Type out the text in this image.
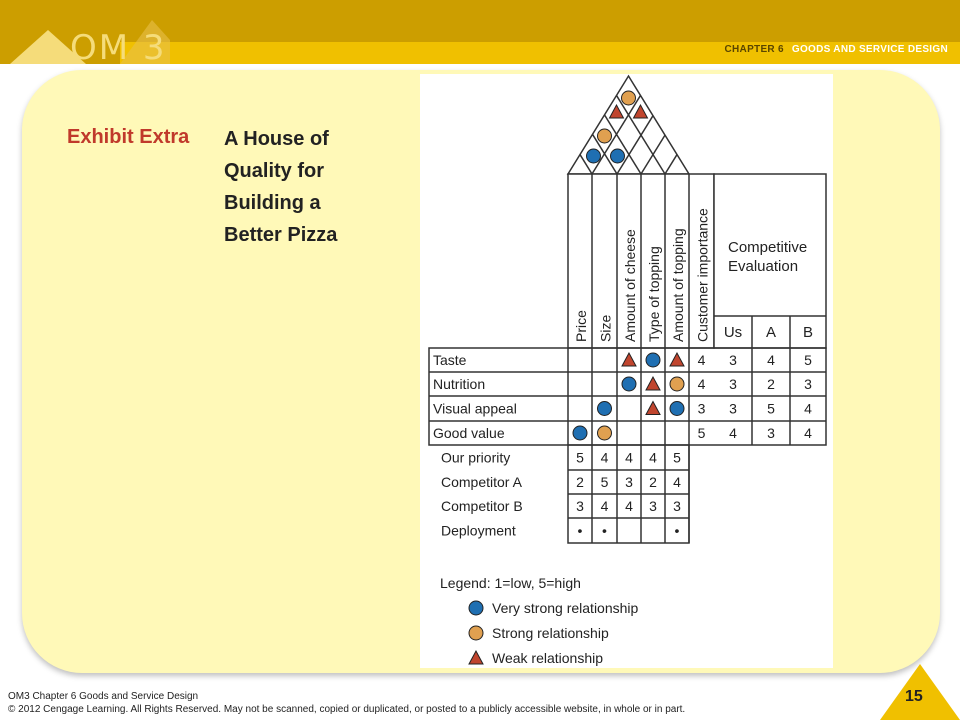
OM 3	CHAPTER 6 GOODS AND SERVICE DESIGN
Exhibit Extra A House of
Quality for
Building a
Better Pizza
Price Size Amount of cheese Type of topping Amount of topping Customer importance Competitive
Evaluation
Us A B
Taste	4 3 4 5
Nutrition	4 3 2 3
Visual appeal	3 3 5 4
Good value	5 4 3 4
Our priority	5 4 4 4 5
Competitor A	2 5 3 2 4
Competitor B	3 4 4 3 3
Deployment	• •	•
Legend: 1=low, 5=high
Very strong relationship
Strong relationship
Weak relationship
OM3 Chapter 6 Goods and Service Design
© 2012 Cengage Learning. All Rights Reserved. May not be scanned, copied or duplicated, or posted to a publicly accessible website, in whole or in part.
15
